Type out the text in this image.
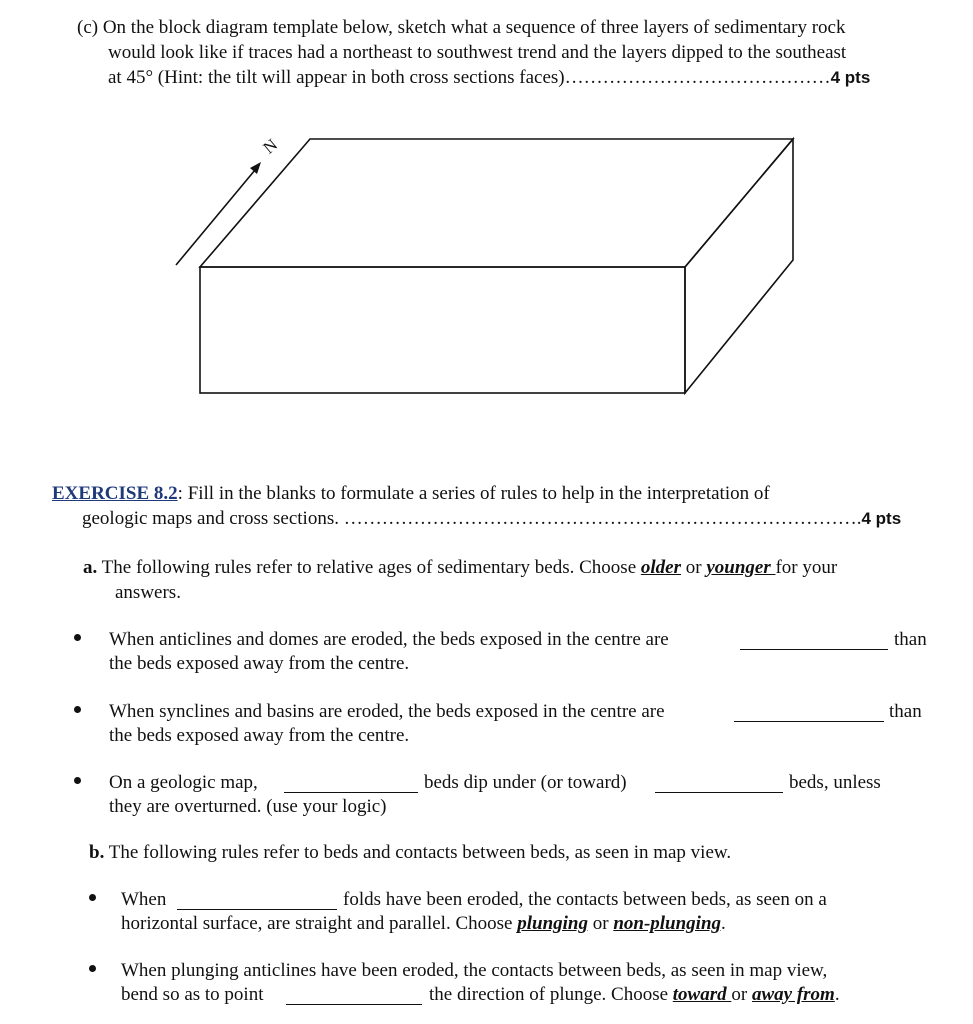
(c) On the block diagram template below, sketch what a sequence of three layers of sedimentary rock
would look like if traces had a northeast to southwest trend and the layers dipped to the southeast
at 45° (Hint: the tilt will appear in both cross sections faces)……………………………………4 pts
N
EXERCISE 8.2: Fill in the blanks to formulate a series of rules to help in the interpretation of
geologic maps and cross sections. ……………………………………………………………………….4 pts
a. The following rules refer to relative ages of sedimentary beds. Choose older or younger for your
answers.
When anticlines and domes are eroded, the beds exposed in the centre are	than
the beds exposed away from the centre.
When synclines and basins are eroded, the beds exposed in the centre are	than
the beds exposed away from the centre.
On a geologic map,	beds dip under (or toward)	beds, unless
they are overturned. (use your logic)
b. The following rules refer to beds and contacts between beds, as seen in map view.
When	folds have been eroded, the contacts between beds, as seen on a
horizontal surface, are straight and parallel. Choose plunging or non-plunging.
When plunging anticlines have been eroded, the contacts between beds, as seen in map view,
bend so as to point	the direction of plunge. Choose toward or away from.
